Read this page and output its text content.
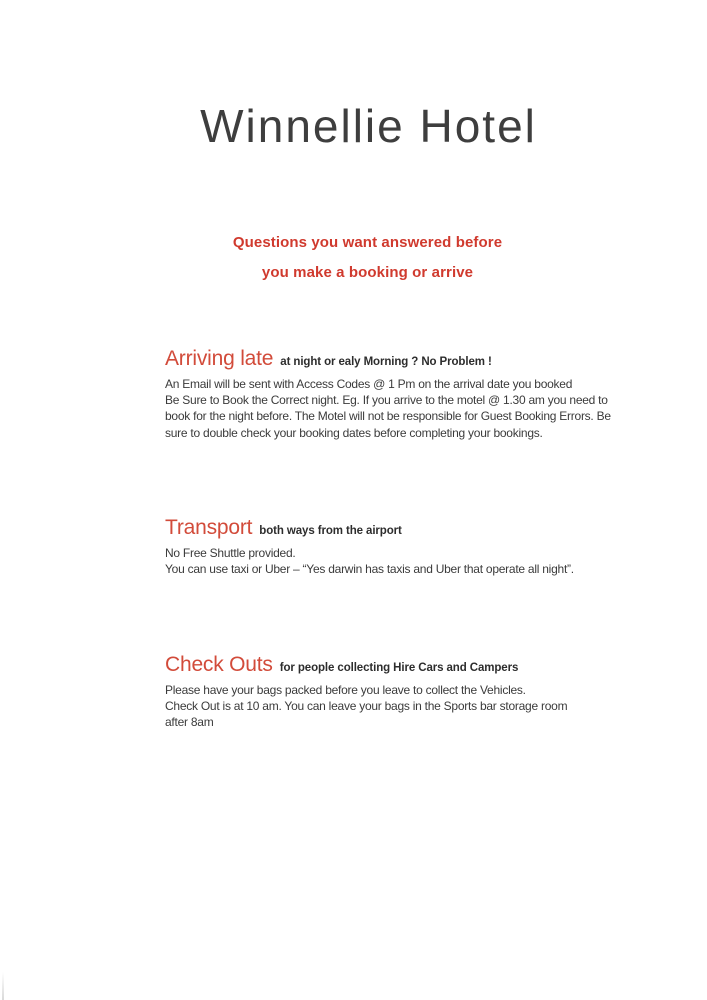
Winnellie Hotel
Questions you want answered before
you make a booking or arrive
Arriving late at night or ealy Morning ? No Problem !
An Email will be sent with Access Codes @ 1 Pm on the arrival date you booked
Be Sure to Book the Correct night. Eg. If you arrive to the motel @ 1.30 am you need to
book for the night before. The Motel will not be responsible for Guest Booking Errors. Be
sure to double check your booking dates before completing your bookings.
Transport both ways from the airport
No Free Shuttle provided.
You can use taxi or Uber – “Yes darwin has taxis and Uber that operate all night”.
Check Outs for people collecting Hire Cars and Campers
Please have your bags packed before you leave to collect the Vehicles.
Check Out is at 10 am. You can leave your bags in the Sports bar storage room
after 8am
